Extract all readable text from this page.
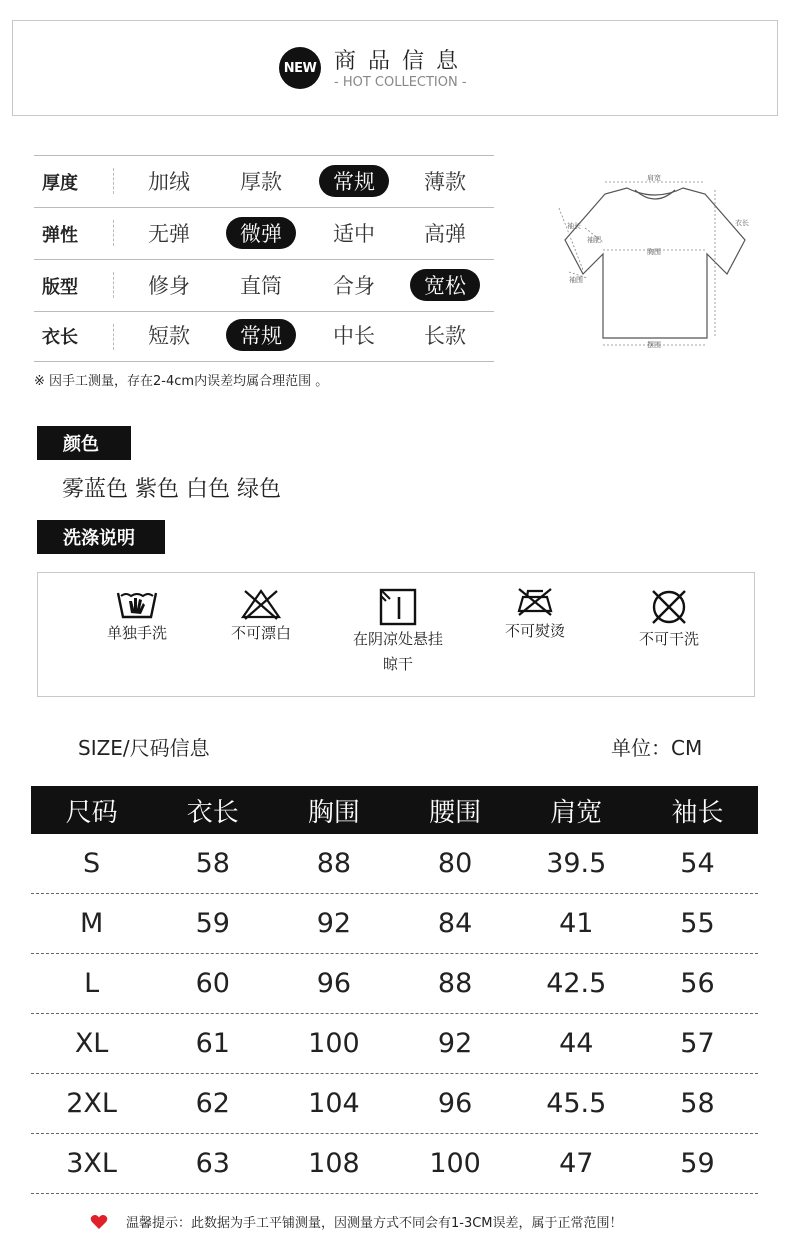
NEW 商品信息
- HOT COLLECTION -
厚度	加绒	厚款	常规	薄款
弹性	无弹	微弹	适中	高弹
版型	修身	直筒	合身	宽松
衣长	短款	常规	中长	长款
※ 因手工测量，存在2-4cm内误差均属合理范围 。
肩宽
衣长
袖长
袖肥
胸围
袖围
摆围
颜色
雾蓝色 紫色 白色 绿色
洗涤说明
单独手洗	不可漂白	在阴凉处悬挂
晾干
不可熨烫	不可干洗
SIZE/尺码信息	单位：CM
尺码	衣长	胸围	腰围	肩宽	袖长
S	58	88	80	39.5	54
M	59	92	84	41	55
L	60	96	88	42.5	56
XL	61	100	92	44	57
2XL	62	104	96	45.5	58
3XL	63	108	100	47	59
温馨提示：此数据为手工平铺测量，因测量方式不同会有1-3CM误差，属于正常范围！
